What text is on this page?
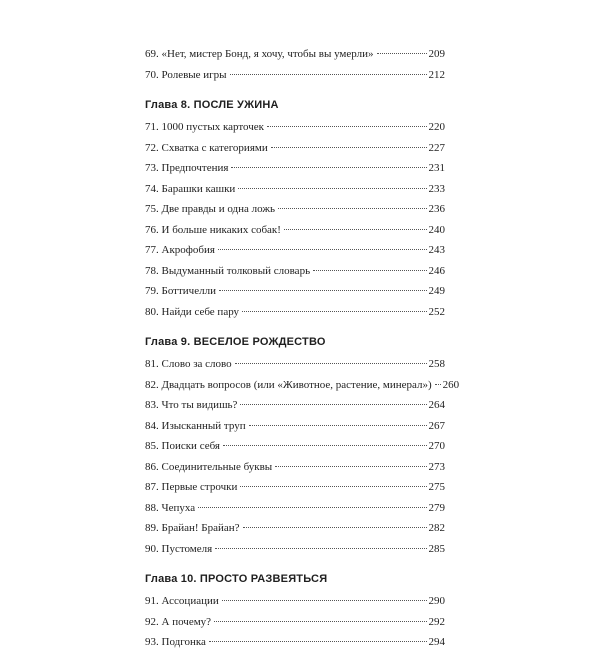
69. «Нет, мистер Бонд, я хочу, чтобы вы умерли»	209
70. Ролевые игры	212
Глава 8. ПОСЛЕ УЖИНА
71. 1000 пустых карточек	220
72. Схватка с категориями	227
73. Предпочтения	231
74. Барашки кашки	233
75. Две правды и одна ложь	236
76. И больше никаких собак!	240
77. Акрофобия	243
78. Выдуманный толковый словарь	246
79. Боттичелли	249
80. Найди себе пару	252
Глава 9. ВЕСЕЛОЕ РОЖДЕСТВО
81. Слово за слово	258
82. Двадцать вопросов (или «Животное, растение, минерал») 260
83. Что ты видишь?	264
84. Изысканный труп	267
85. Поиски себя	270
86. Соединительные буквы	273
87. Первые строчки	275
88. Чепуха	279
89. Брайан! Брайан?	282
90. Пустомеля	285
Глава 10. ПРОСТО РАЗВЕЯТЬСЯ
91. Ассоциации	290
92. А почему?	292
93. Подгонка	294
